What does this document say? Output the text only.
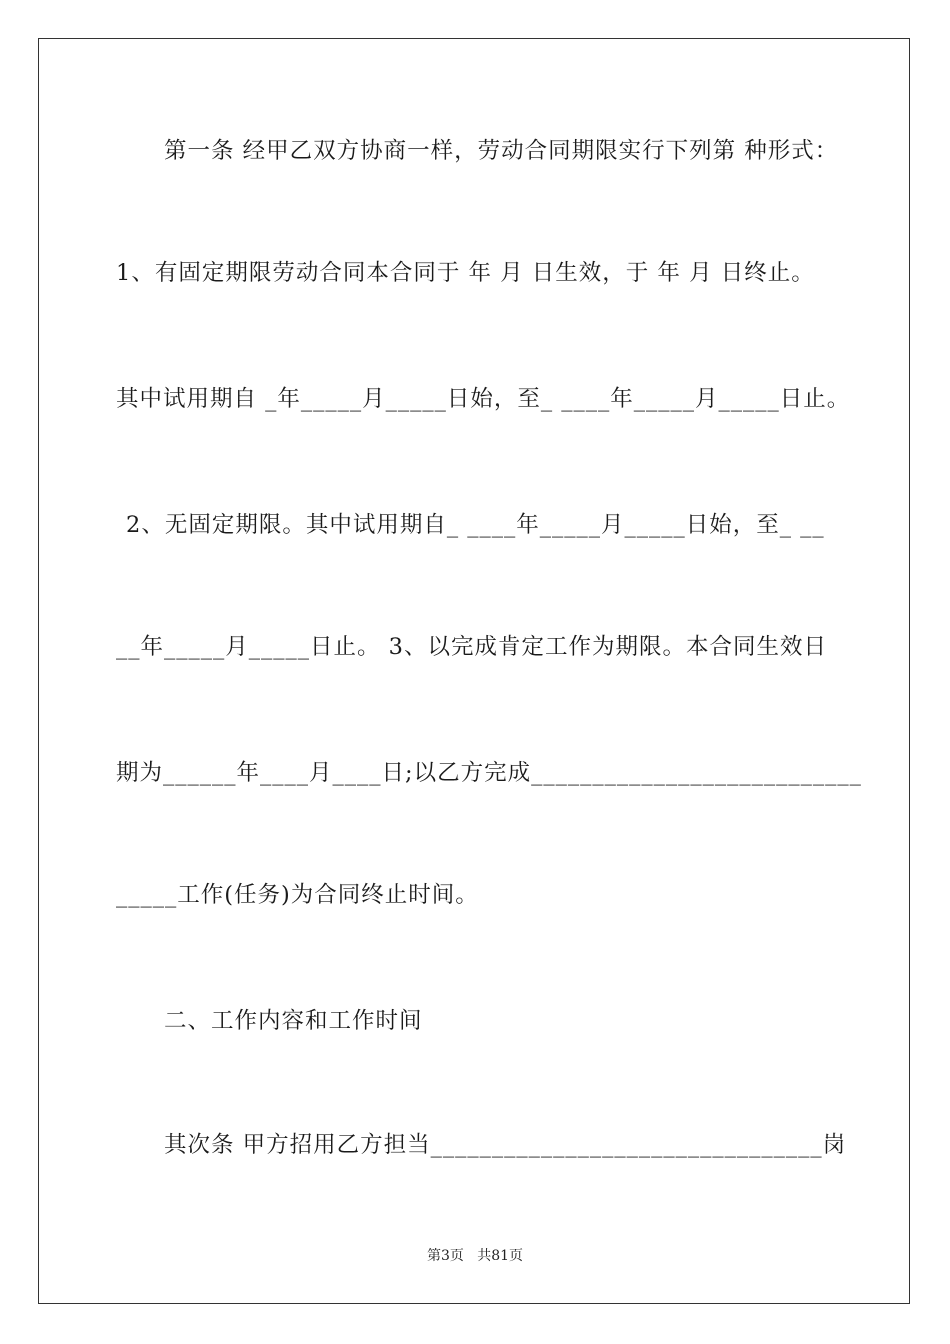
第一条 经甲乙双方协商一样，劳动合同期限实行下列第 种形式：
1、有固定期限劳动合同本合同于 年 月 日生效，于 年 月 日终止。
其中试用期自 _年_____月_____日始，至_ ____年_____月_____日止。
2、无固定期限。其中试用期自_ ____年_____月_____日始，至_ __
__年_____月_____日止。 3、以完成肯定工作为期限。本合同生效日
期为______年____月____日;以乙方完成___________________________
_____工作(任务)为合同终止时间。
二、工作内容和工作时间
其次条 甲方招用乙方担当________________________________岗
第3页   共81页
